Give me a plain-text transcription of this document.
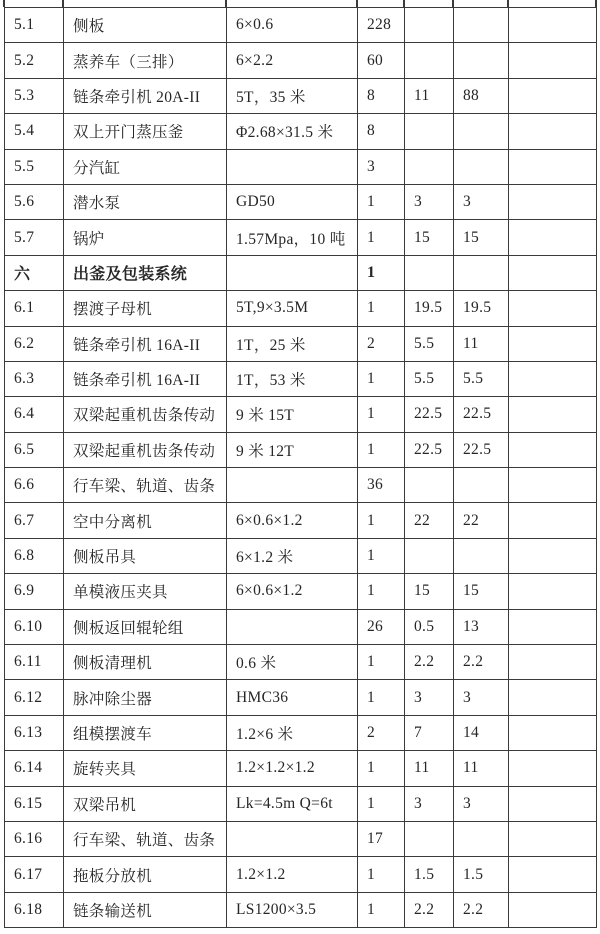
5.1	侧板	6×0.6	228			
5.2	蒸养车（三排）	6×2.2	60			
5.3	链条牵引机 20A-II	5T，35 米	8	11	88	
5.4	双上开门蒸压釜	Φ2.68×31.5 米	8			
5.5	分汽缸		3			
5.6	潜水泵	GD50	1	3	3	
5.7	锅炉	1.57Mpa，10 吨	1	15	15	
六	出釜及包装系统		1			
6.1	摆渡子母机	5T,9×3.5M	1	19.5	19.5	
6.2	链条牵引机 16A-II	1T，25 米	2	5.5	11	
6.3	链条牵引机 16A-II	1T，53 米	1	5.5	5.5	
6.4	双梁起重机齿条传动	9 米 15T	1	22.5	22.5	
6.5	双梁起重机齿条传动	9 米 12T	1	22.5	22.5	
6.6	行车梁、轨道、齿条		36			
6.7	空中分离机	6×0.6×1.2	1	22	22	
6.8	侧板吊具	6×1.2 米	1			
6.9	单模液压夹具	6×0.6×1.2	1	15	15	
6.10	侧板返回辊轮组		26	0.5	13	
6.11	侧板清理机	0.6 米	1	2.2	2.2	
6.12	脉冲除尘器	HMC36	1	3	3	
6.13	组模摆渡车	1.2×6 米	2	7	14	
6.14	旋转夹具	1.2×1.2×1.2	1	11	11	
6.15	双梁吊机	Lk=4.5m Q=6t	1	3	3	
6.16	行车梁、轨道、齿条		17			
6.17	拖板分放机	1.2×1.2	1	1.5	1.5	
6.18	链条输送机	LS1200×3.5	1	2.2	2.2	
